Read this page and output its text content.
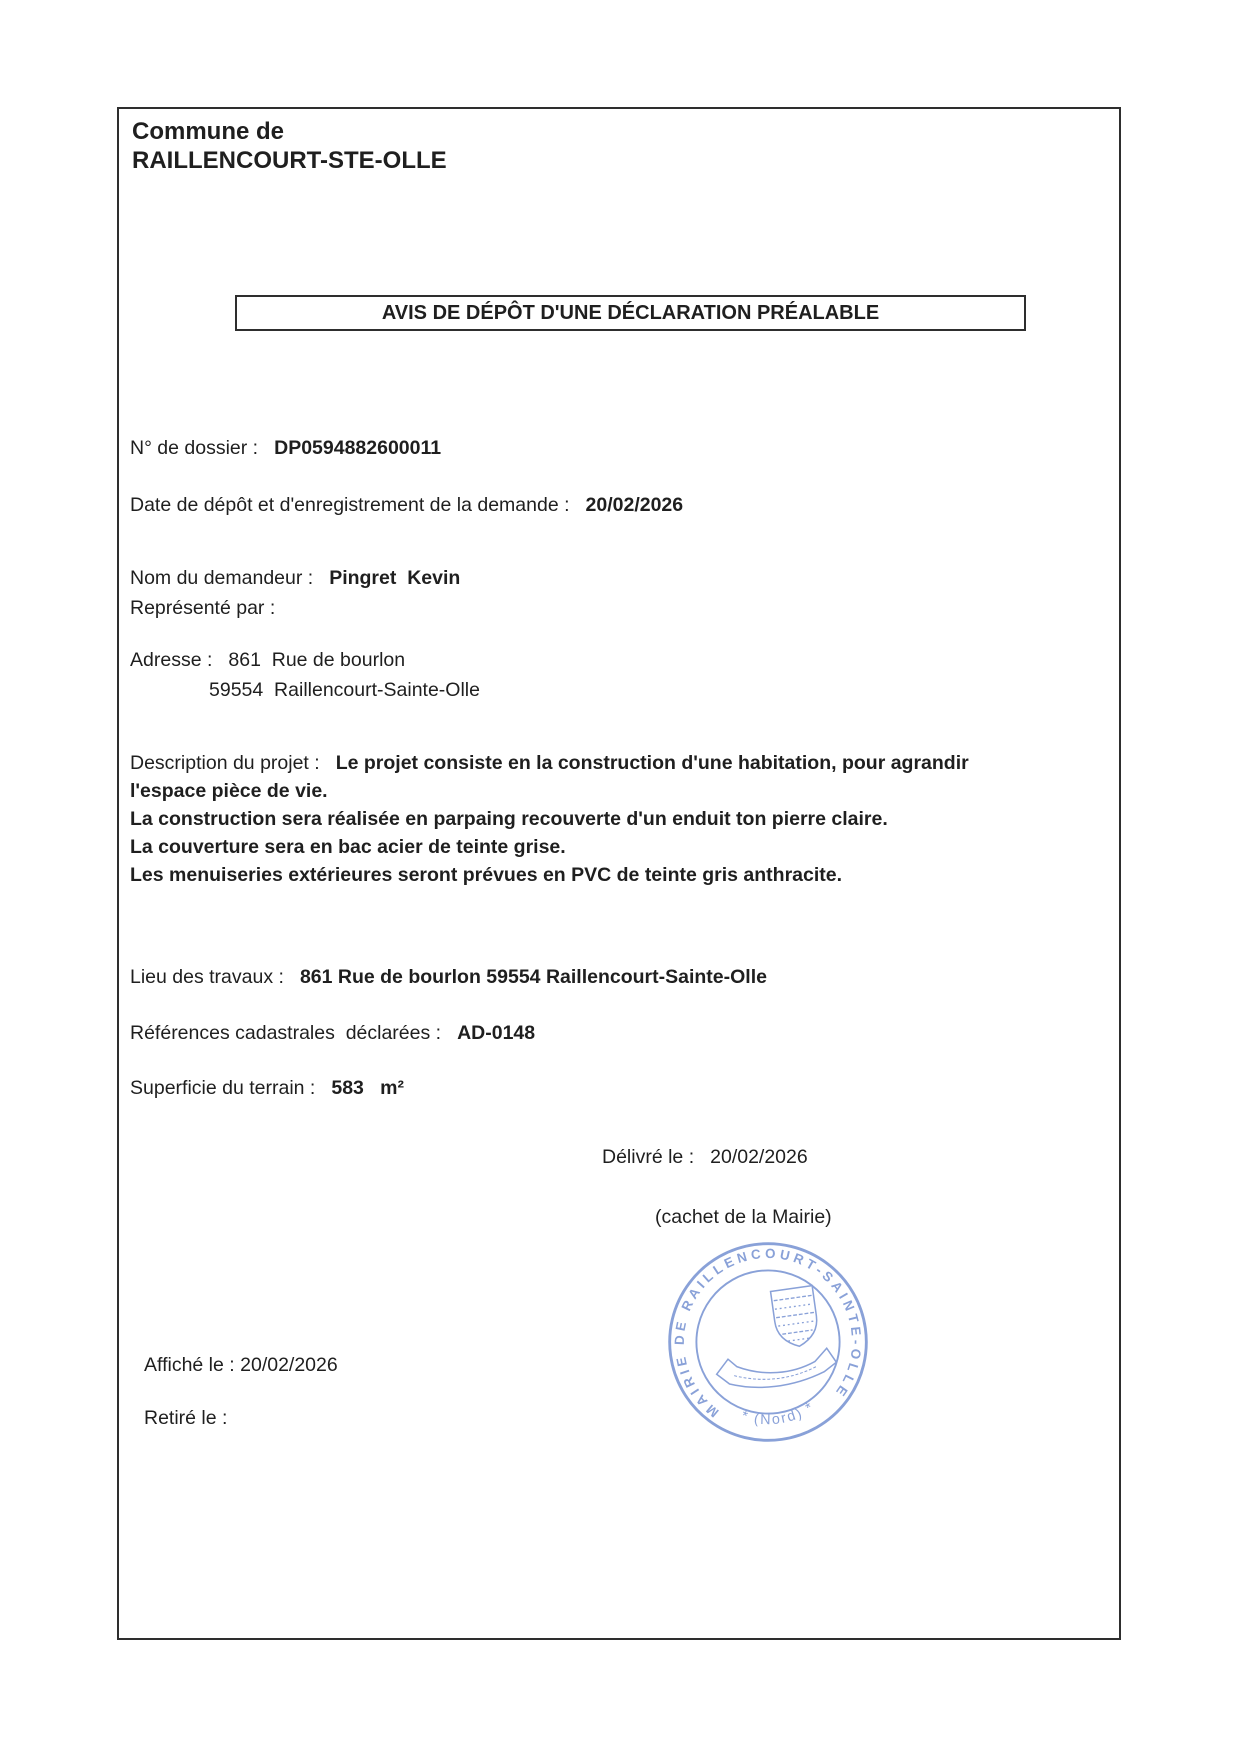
Commune de
RAILLENCOURT-STE-OLLE
AVIS DE DÉPÔT D'UNE DÉCLARATION PRÉALABLE
N° de dossier : DP0594882600011
Date de dépôt et d'enregistrement de la demande : 20/02/2026
Nom du demandeur : Pingret  Kevin
Représenté par :
Adresse : 861  Rue de bourlon
59554  Raillencourt-Sainte-Olle
Description du projet : Le projet consiste en la construction d'une habitation, pour agrandir
l'espace pièce de vie.
La construction sera réalisée en parpaing recouverte d'un enduit ton pierre claire.
La couverture sera en bac acier de teinte grise.
Les menuiseries extérieures seront prévues en PVC de teinte gris anthracite.
Lieu des travaux : 861 Rue de bourlon 59554 Raillencourt-Sainte-Olle
Références cadastrales  déclarées : AD-0148
Superficie du terrain : 583   m²
Délivré le : 20/02/2026
(cachet de la Mairie)
MAIRIE DE RAILLENCOURT-SAINTE-OLLE
* (Nord) *
Affiché le : 20/02/2026
Retiré le :
